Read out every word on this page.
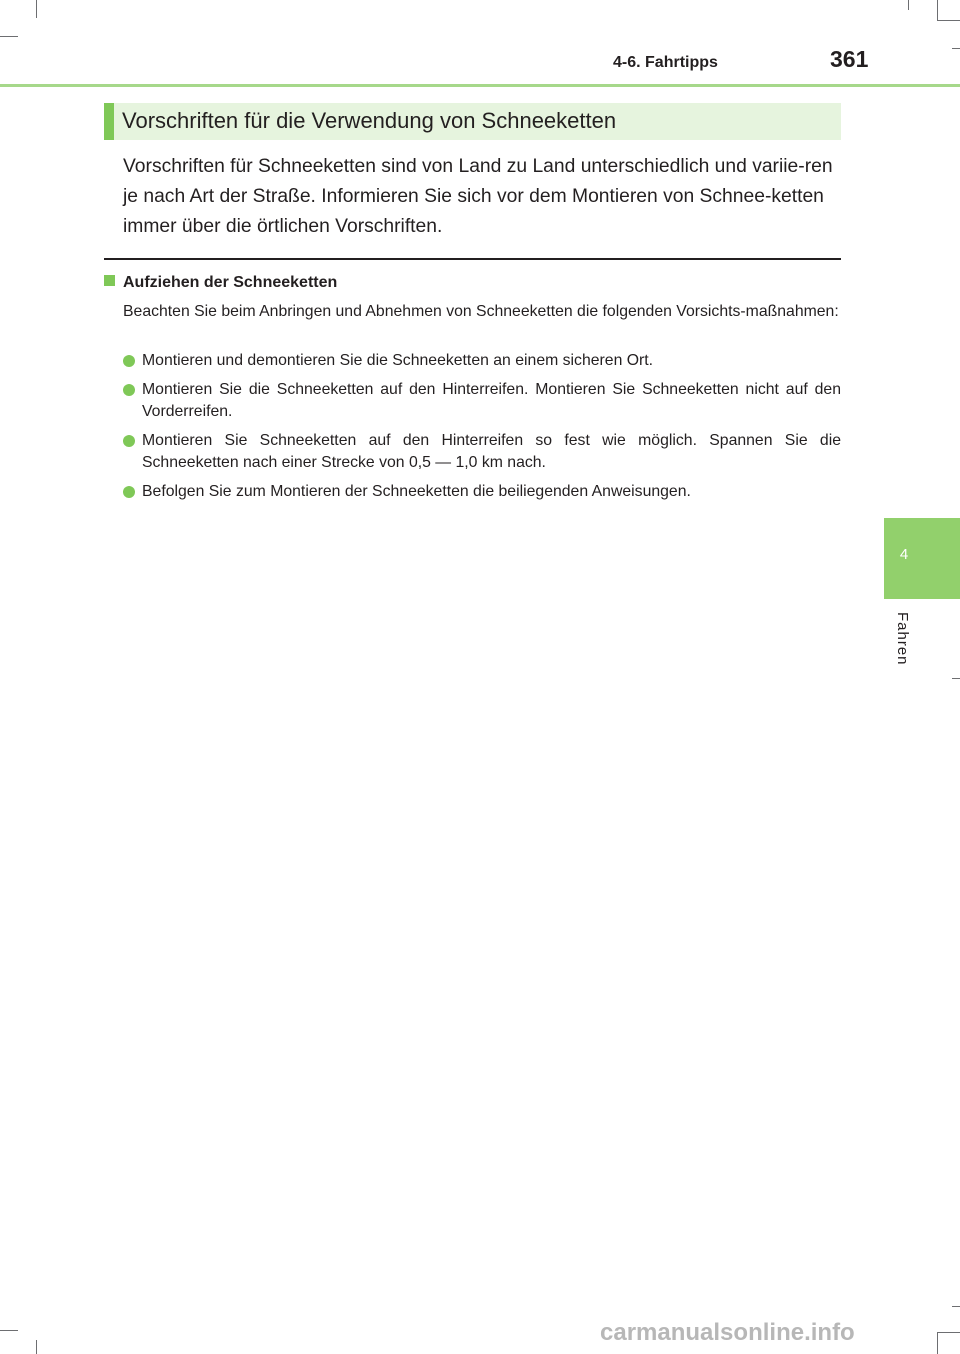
4-6. Fahrtipps	361
Vorschriften für die Verwendung von Schneeketten
Vorschriften für Schneeketten sind von Land zu Land unterschiedlich und variie-ren je nach Art der Straße. Informieren Sie sich vor dem Montieren von Schnee-ketten immer über die örtlichen Vorschriften.
Aufziehen der Schneeketten
Beachten Sie beim Anbringen und Abnehmen von Schneeketten die folgenden Vorsichts-maßnahmen:
Montieren und demontieren Sie die Schneeketten an einem sicheren Ort.
Montieren Sie die Schneeketten auf den Hinterreifen. Montieren Sie Schneeketten nicht auf den Vorderreifen.
Montieren Sie Schneeketten auf den Hinterreifen so fest wie möglich. Spannen Sie die Schneeketten nach einer Strecke von 0,5 — 1,0 km nach.
Befolgen Sie zum Montieren der Schneeketten die beiliegenden Anweisungen.
4
Fahren
carmanualsonline.info
